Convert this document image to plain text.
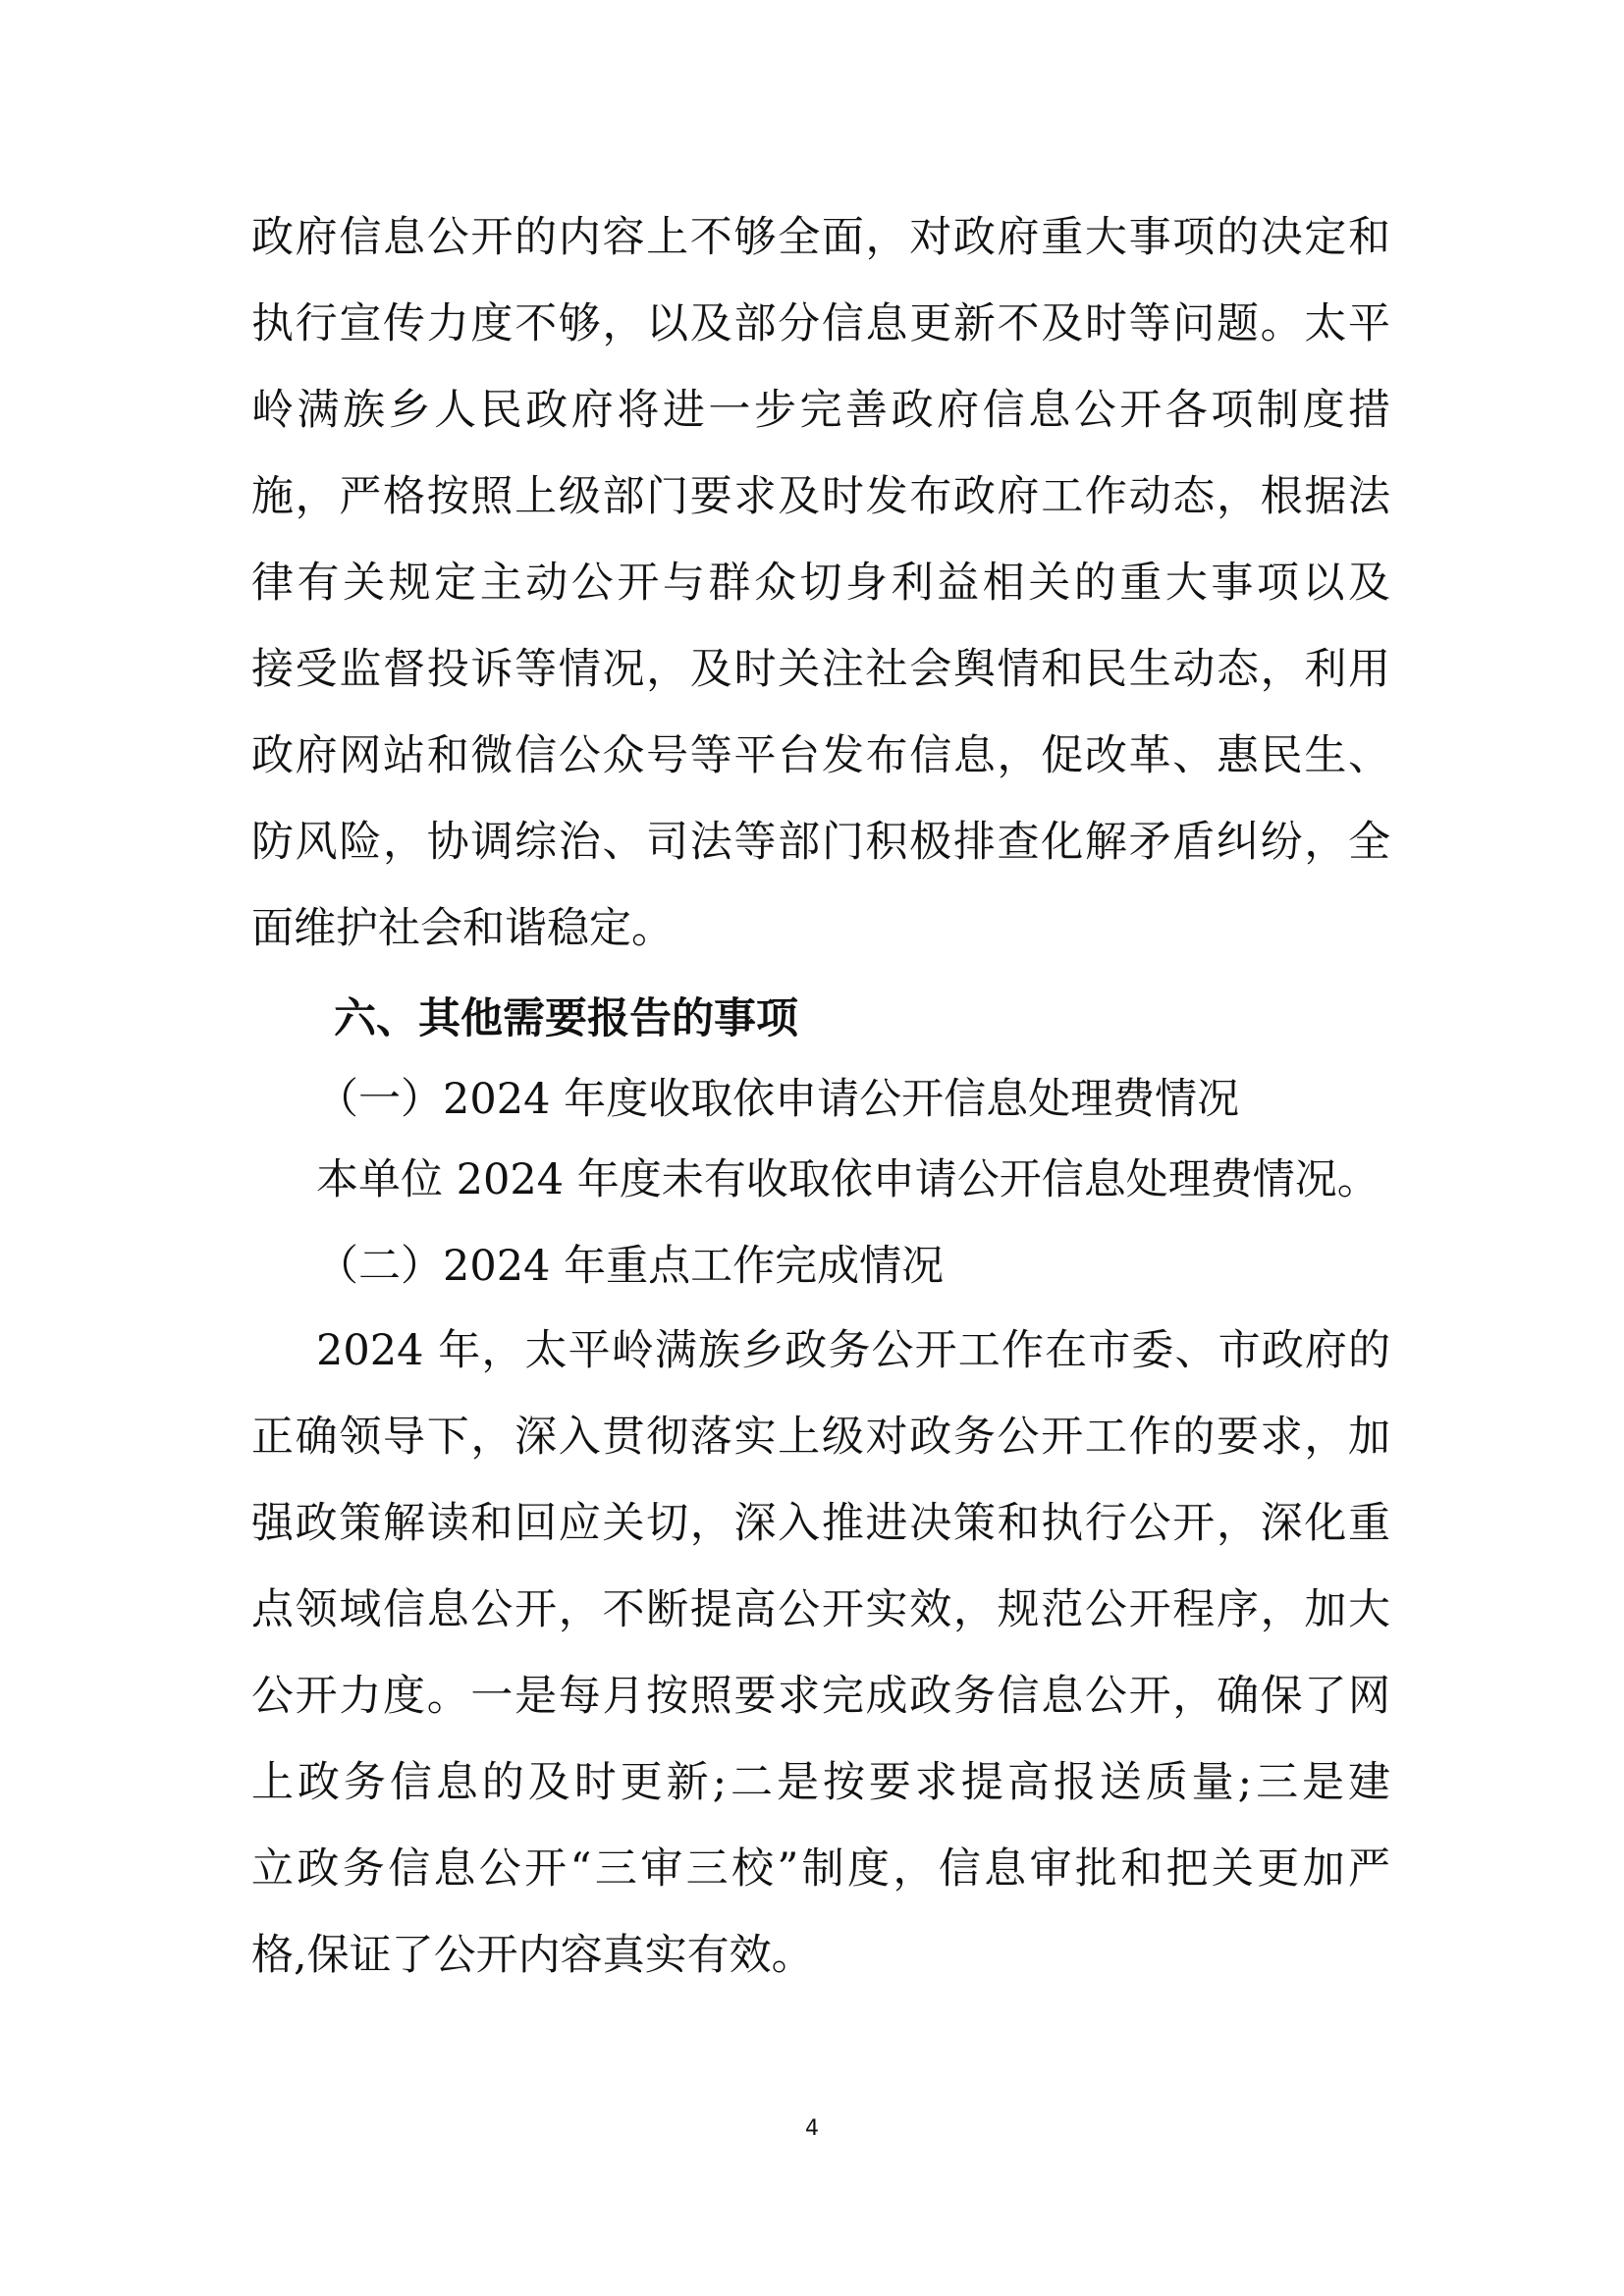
政府信息公开的内容上不够全面，对政府重大事项的决定和
执行宣传力度不够，以及部分信息更新不及时等问题。太平
岭满族乡人民政府将进一步完善政府信息公开各项制度措
施，严格按照上级部门要求及时发布政府工作动态，根据法
律有关规定主动公开与群众切身利益相关的重大事项以及
接受监督投诉等情况，及时关注社会舆情和民生动态，利用
政府网站和微信公众号等平台发布信息，促改革、惠民生、
防风险，协调综治、司法等部门积极排查化解矛盾纠纷，全
面维护社会和谐稳定。
六、其他需要报告的事项
（一）2024 年度收取依申请公开信息处理费情况
本单位 2024 年度未有收取依申请公开信息处理费情况。
（二）2024 年重点工作完成情况
2024 年，太平岭满族乡政务公开工作在市委、市政府的
正确领导下，深入贯彻落实上级对政务公开工作的要求，加
强政策解读和回应关切，深入推进决策和执行公开，深化重
点领域信息公开，不断提高公开实效，规范公开程序，加大
公开力度。一是每月按照要求完成政务信息公开，确保了网
上政务信息的及时更新;二是按要求提高报送质量;三是建
立政务信息公开“三审三校”制度，信息审批和把关更加严
格,保证了公开内容真实有效。
4
